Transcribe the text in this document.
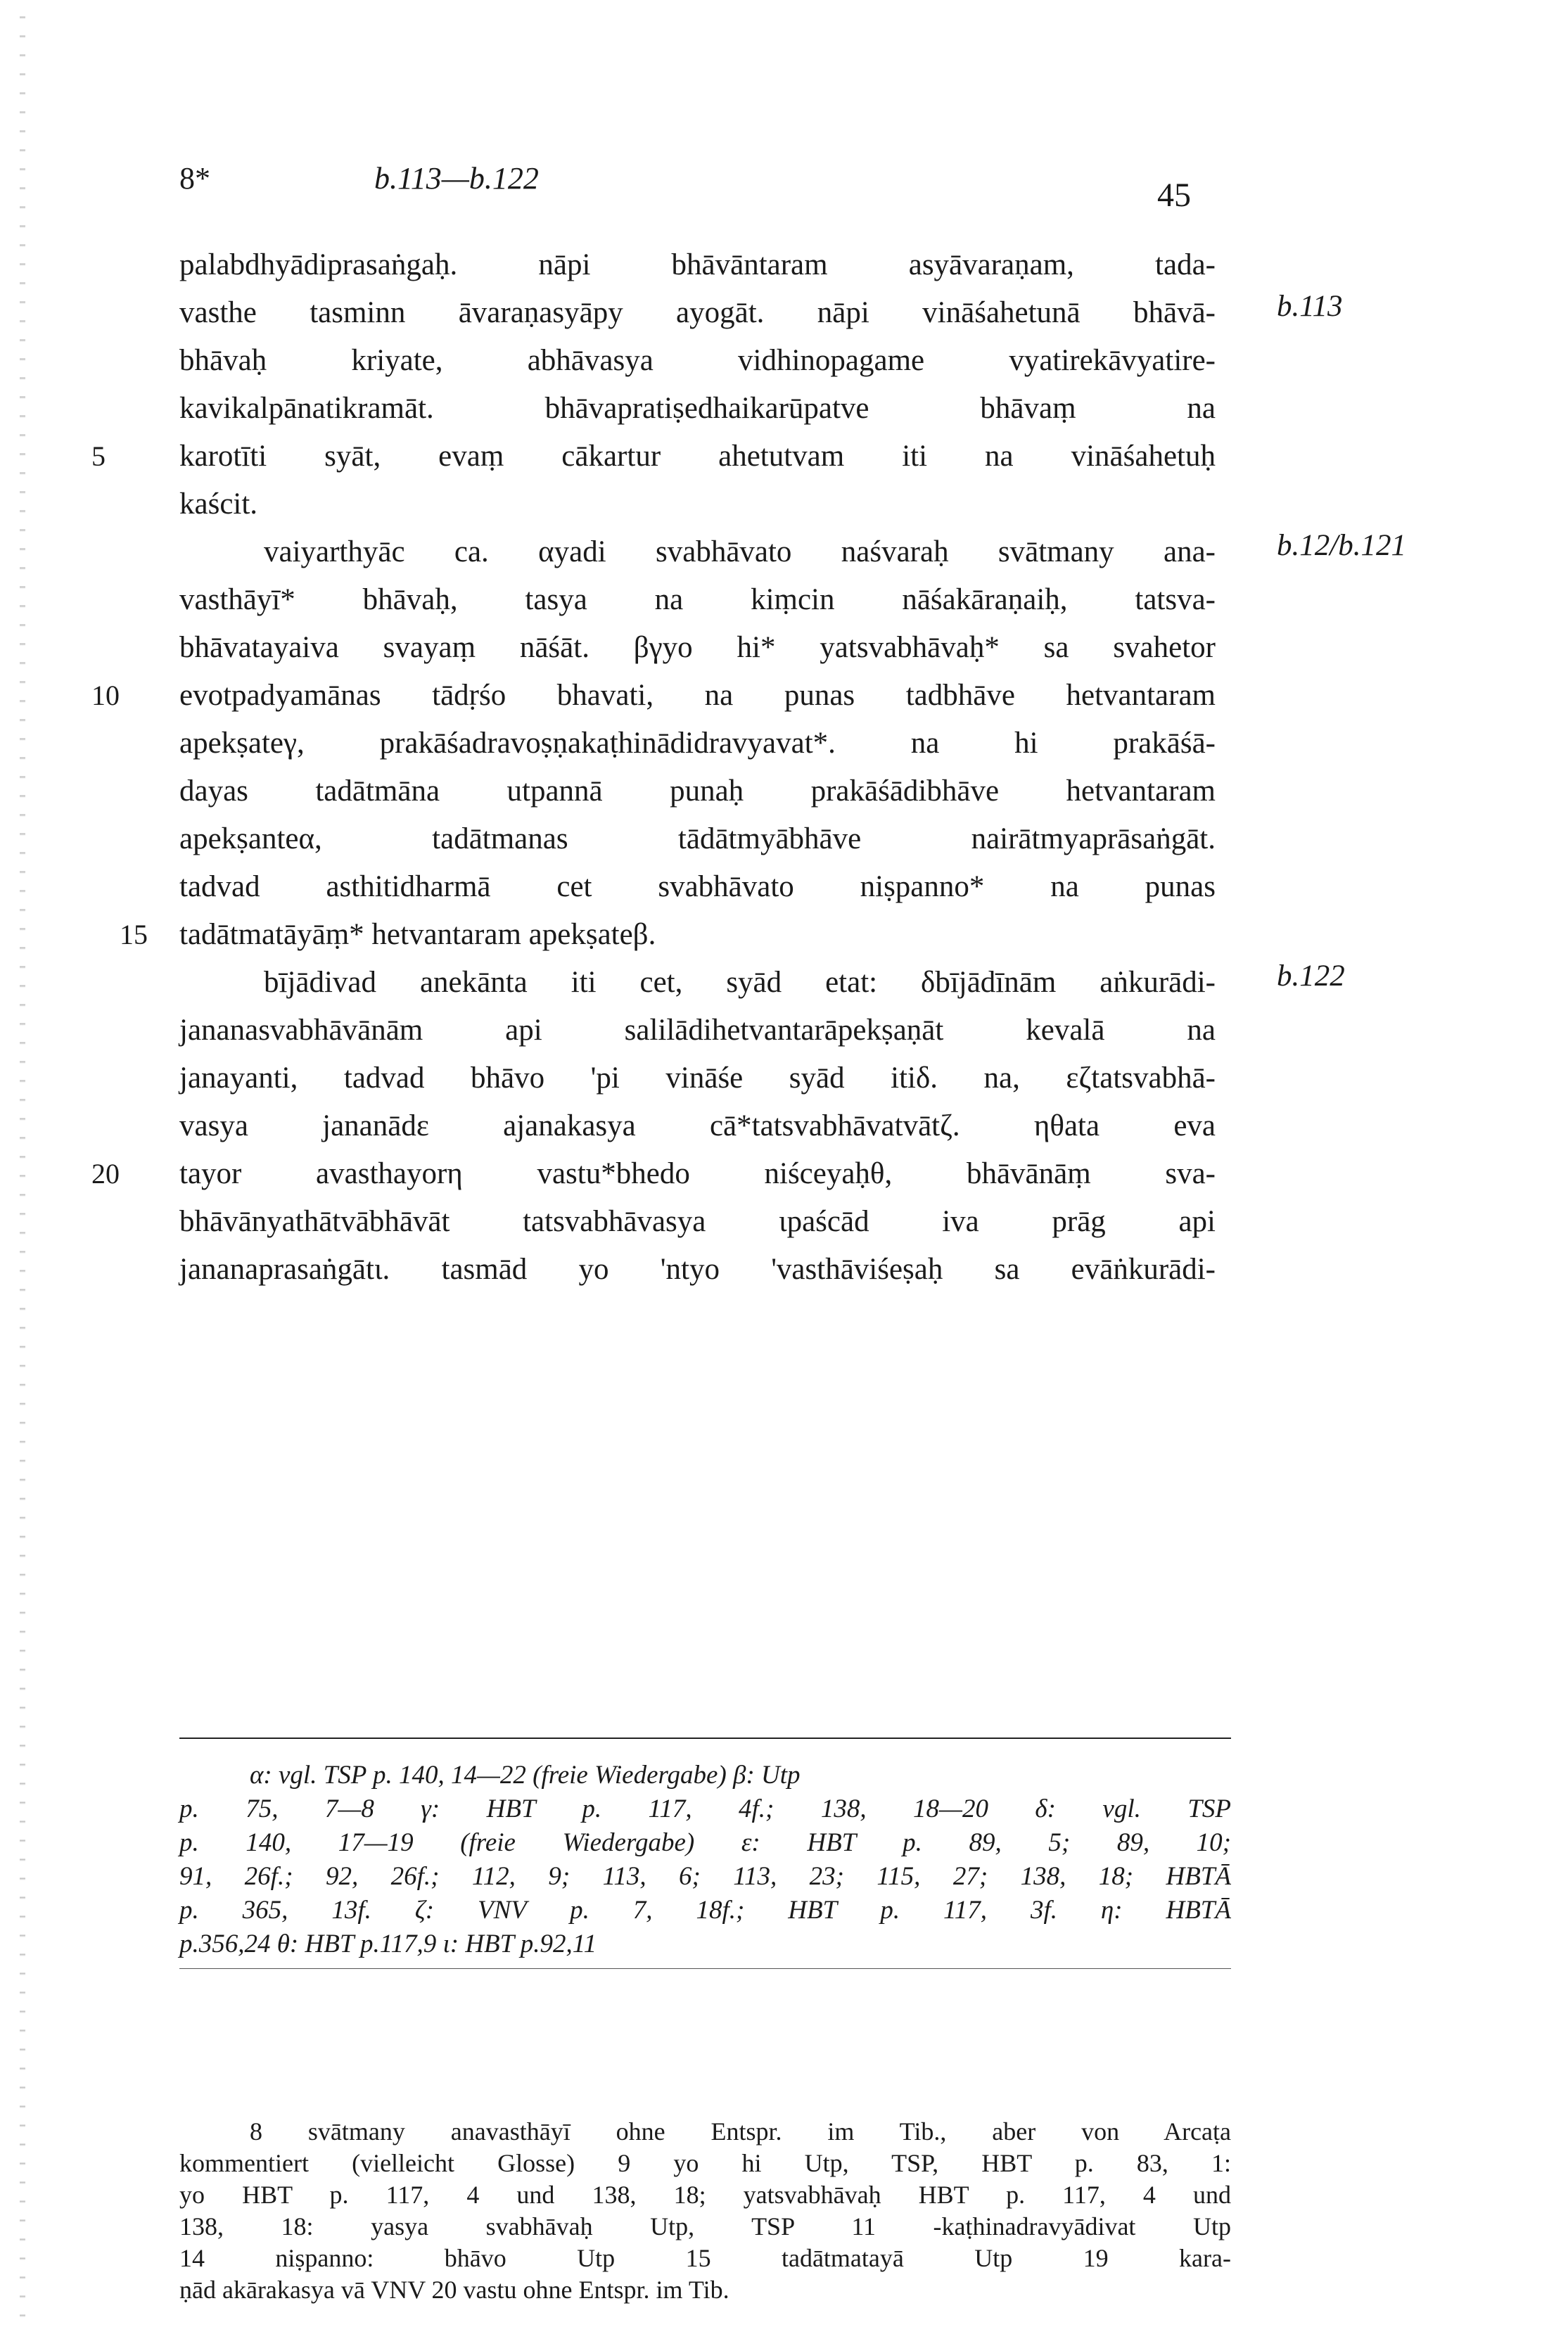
8*	b.113—b.122	45
palabdhyādiprasaṅgaḥ. nāpi bhāvāntaram asyāvaraṇam, tada-
vasthe tasminn āvaraṇasyāpy ayogāt. nāpi vināśahetunā bhāvā-
bhāvaḥ kriyate, abhāvasya vidhinopagame vyatirekāvyatire-
kavikalpānatikramāt. bhāvapratiṣedhaikarūpatve bhāvaṃ na
5	karotīti syāt, evaṃ cākartur ahetutvam iti na vināśahetuḥ
kaścit.
vaiyarthyāc ca. αyadi svabhāvato naśvaraḥ svātmany ana-
vasthāyī* bhāvaḥ, tasya na kiṃcin nāśakāraṇaiḥ, tatsva-
bhāvatayaiva svayaṃ nāśāt. βγyo hi* yatsvabhāvaḥ* sa svahetor
10	evotpadyamānas tādṛśo bhavati, na punas tadbhāve hetvantaram
apekṣateγ, prakāśadravoṣṇakaṭhinādidravyavat*. na hi prakāśā-
dayas tadātmāna utpannā punaḥ prakāśādibhāve hetvantaram
apekṣanteα, tadātmanas tādātmyābhāve nairātmyaprāsaṅgāt.
tadvad asthitidharmā cet svabhāvato niṣpanno* na punas
15 tadātmatāyāṃ* hetvantaram apekṣateβ.
bījādivad anekānta iti cet, syād etat: δbījādīnām aṅkurādi-
jananasvabhāvānām api salilādihetvantarāpekṣaṇāt kevalā na
janayanti, tadvad bhāvo 'pi vināśe syād itiδ. na, εζtatsvabhā-
vasya jananādε ajanakasya cā*tatsvabhāvatvātζ. ηθata eva
20	tayor avasthayorη vastu*bhedo niśceyaḥθ, bhāvānāṃ sva-
bhāvānyathātvābhāvāt tatsvabhāvasya ιpaścād iva prāg api
jananaprasaṅgātι. tasmād yo 'ntyo 'vasthāviśeṣaḥ sa evāṅkurādi-
b.113
b.12/b.121
b.122
α: vgl. TSP p. 140, 14—22 (freie Wiedergabe) β: Utp
p. 75, 7—8 γ: HBT p. 117, 4f.; 138, 18—20 δ: vgl. TSP
p. 140, 17—19 (freie Wiedergabe) ε: HBT p. 89, 5; 89, 10;
91, 26f.; 92, 26f.; 112, 9; 113, 6; 113, 23; 115, 27; 138, 18; HBTĀ
p. 365, 13f. ζ: VNV p. 7, 18f.; HBT p. 117, 3f. η: HBTĀ
p.356,24 θ: HBT p.117,9 ι: HBT p.92,11
8 svātmany anavasthāyī ohne Entspr. im Tib., aber von Arcaṭa
kommentiert (vielleicht Glosse) 9 yo hi Utp, TSP, HBT p. 83, 1:
yo HBT p. 117, 4 und 138, 18; yatsvabhāvaḥ HBT p. 117, 4 und
138, 18: yasya svabhāvaḥ Utp, TSP 11 -kaṭhinadravyādivat Utp
14 niṣpanno: bhāvo Utp 15 tadātmatayā Utp 19 kara-
ṇād akārakasya vā VNV 20 vastu ohne Entspr. im Tib.
